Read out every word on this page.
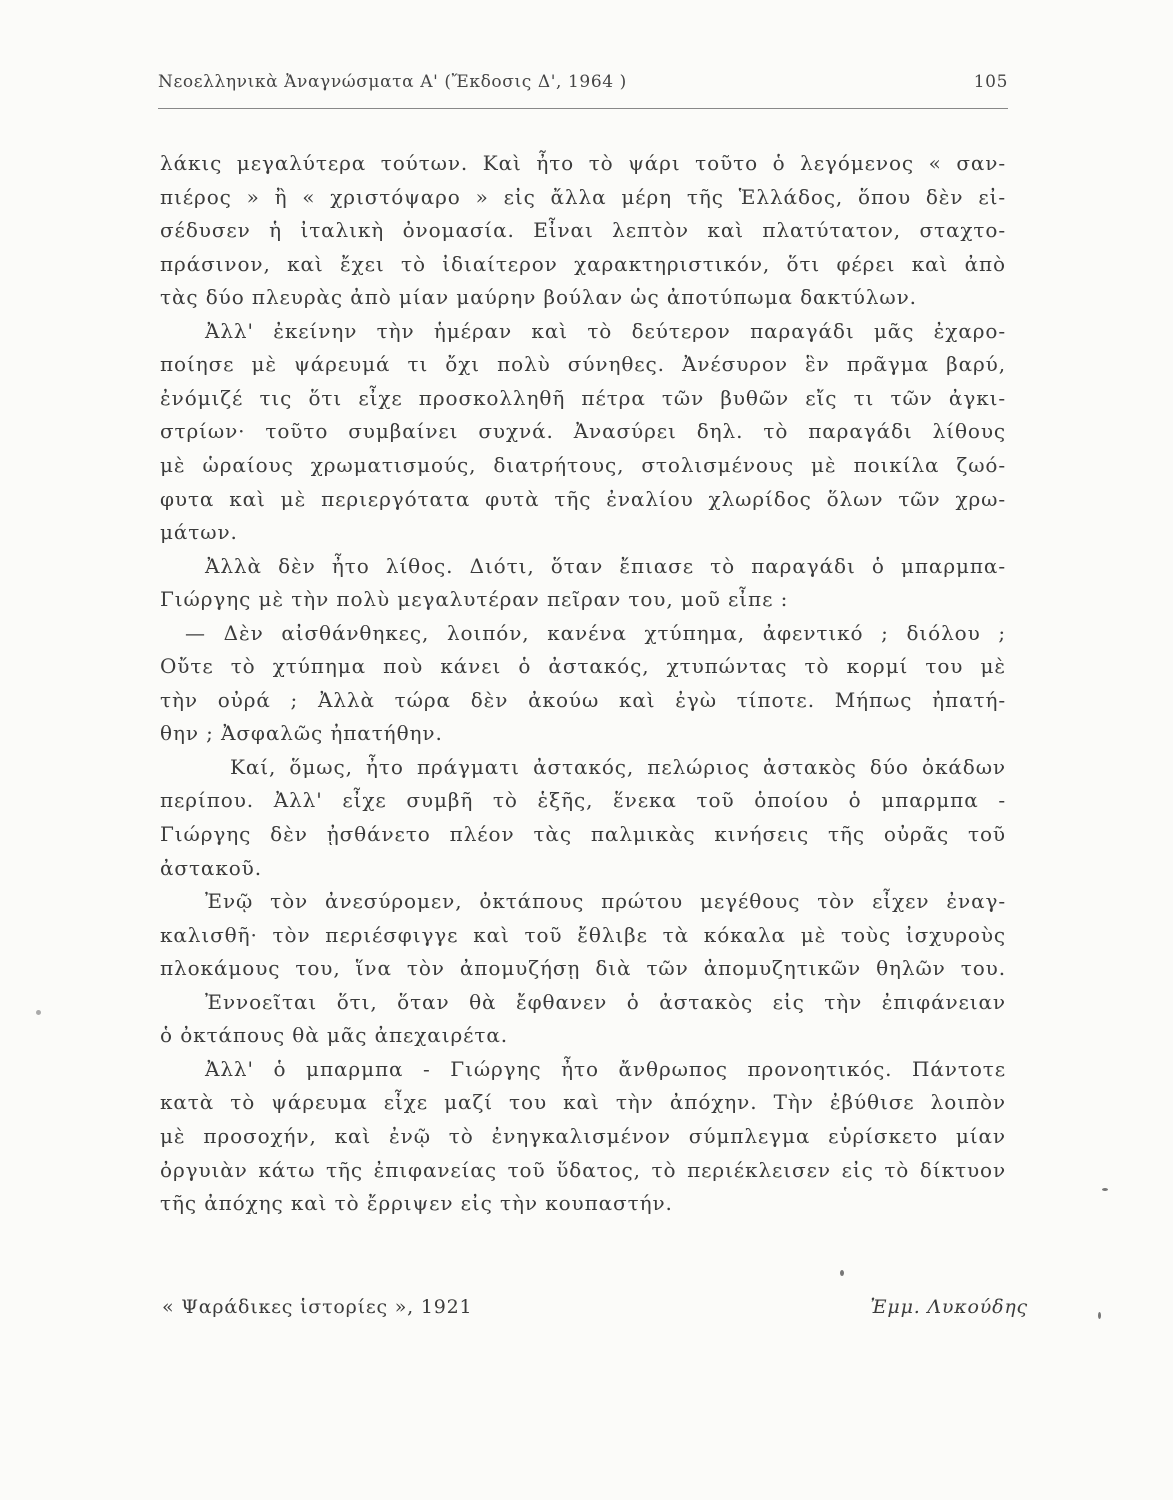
Νεοελληνικὰ Ἀναγνώσματα Α' (Ἔκδοσις Δ', 1964 )	105
λάκις μεγαλύτερα τούτων. Καὶ ἦτο τὸ ψάρι τοῦτο ὁ λεγόμενος « σαν-
πιέρος » ἢ « χριστόψαρο » εἰς ἄλλα μέρη τῆς Ἑλλάδος, ὅπου δὲν εἰ-
σέδυσεν ἡ ἰταλικὴ ὀνομασία. Εἶναι λεπτὸν καὶ πλατύτατον, σταχτο-
πράσινον, καὶ ἔχει τὸ ἰδιαίτερον χαρακτηριστικόν, ὅτι φέρει καὶ ἀπὸ
τὰς δύο πλευρὰς ἀπὸ μίαν μαύρην βούλαν ὡς ἀποτύπωμα δακτύλων.
Ἀλλ' ἐκείνην τὴν ἡμέραν καὶ τὸ δεύτερον παραγάδι μᾶς ἐχαρο-
ποίησε μὲ ψάρευμά τι ὄχι πολὺ σύνηθες. Ἀνέσυρον ἓν πρᾶγμα βαρύ,
ἐνόμιζέ τις ὅτι εἶχε προσκολληθῆ πέτρα τῶν βυθῶν εἴς τι τῶν ἀγκι-
στρίων· τοῦτο συμβαίνει συχνά. Ἀνασύρει δηλ. τὸ παραγάδι λίθους
μὲ ὡραίους χρωματισμούς, διατρήτους, στολισμένους μὲ ποικίλα ζωό-
φυτα καὶ μὲ περιεργότατα φυτὰ τῆς ἐναλίου χλωρίδος ὅλων τῶν χρω-
μάτων.
Ἀλλὰ δὲν ἦτο λίθος. Διότι, ὅταν ἔπιασε τὸ παραγάδι ὁ μπαρμπα-
Γιώργης μὲ τὴν πολὺ μεγαλυτέραν πεῖραν του, μοῦ εἶπε :
— Δὲν αἰσθάνθηκες, λοιπόν, κανένα χτύπημα, ἀφεντικό ; διόλου ;
Οὔτε τὸ χτύπημα ποὺ κάνει ὁ ἀστακός, χτυπώντας τὸ κορμί του μὲ
τὴν οὐρά ; Ἀλλὰ τώρα δὲν ἀκούω καὶ ἐγὼ τίποτε. Μήπως ἠπατή-
θην ; Ἀσφαλῶς ἠπατήθην.
Καί, ὅμως, ἦτο πράγματι ἀστακός, πελώριος ἀστακὸς δύο ὀκάδων
περίπου. Ἀλλ' εἶχε συμβῆ τὸ ἑξῆς, ἕνεκα τοῦ ὁποίου ὁ μπαρμπα -
Γιώργης δὲν ᾐσθάνετο πλέον τὰς παλμικὰς κινήσεις τῆς οὐρᾶς τοῦ
ἀστακοῦ.
Ἐνῷ τὸν ἀνεσύρομεν, ὀκτάπους πρώτου μεγέθους τὸν εἶχεν ἐναγ-
καλισθῆ· τὸν περιέσφιγγε καὶ τοῦ ἔθλιβε τὰ κόκαλα μὲ τοὺς ἰσχυροὺς
πλοκάμους του, ἵνα τὸν ἀπομυζήσῃ διὰ τῶν ἀπομυζητικῶν θηλῶν του.
Ἐννοεῖται ὅτι, ὅταν θὰ ἔφθανεν ὁ ἀστακὸς εἰς τὴν ἐπιφάνειαν
ὁ ὀκτάπους θὰ μᾶς ἀπεχαιρέτα.
Ἀλλ' ὁ μπαρμπα - Γιώργης ἦτο ἄνθρωπος προνοητικός. Πάντοτε
κατὰ τὸ ψάρευμα εἶχε μαζί του καὶ τὴν ἀπόχην. Τὴν ἐβύθισε λοιπὸν
μὲ προσοχήν, καὶ ἐνῷ τὸ ἐνηγκαλισμένον σύμπλεγμα εὑρίσκετο μίαν
ὀργυιὰν κάτω τῆς ἐπιφανείας τοῦ ὕδατος, τὸ περιέκλεισεν εἰς τὸ δίκτυον
τῆς ἀπόχης καὶ τὸ ἔρριψεν εἰς τὴν κουπαστήν.
« Ψαράδικες ἱστορίες », 1921	Ἐμμ. Λυκούδης
